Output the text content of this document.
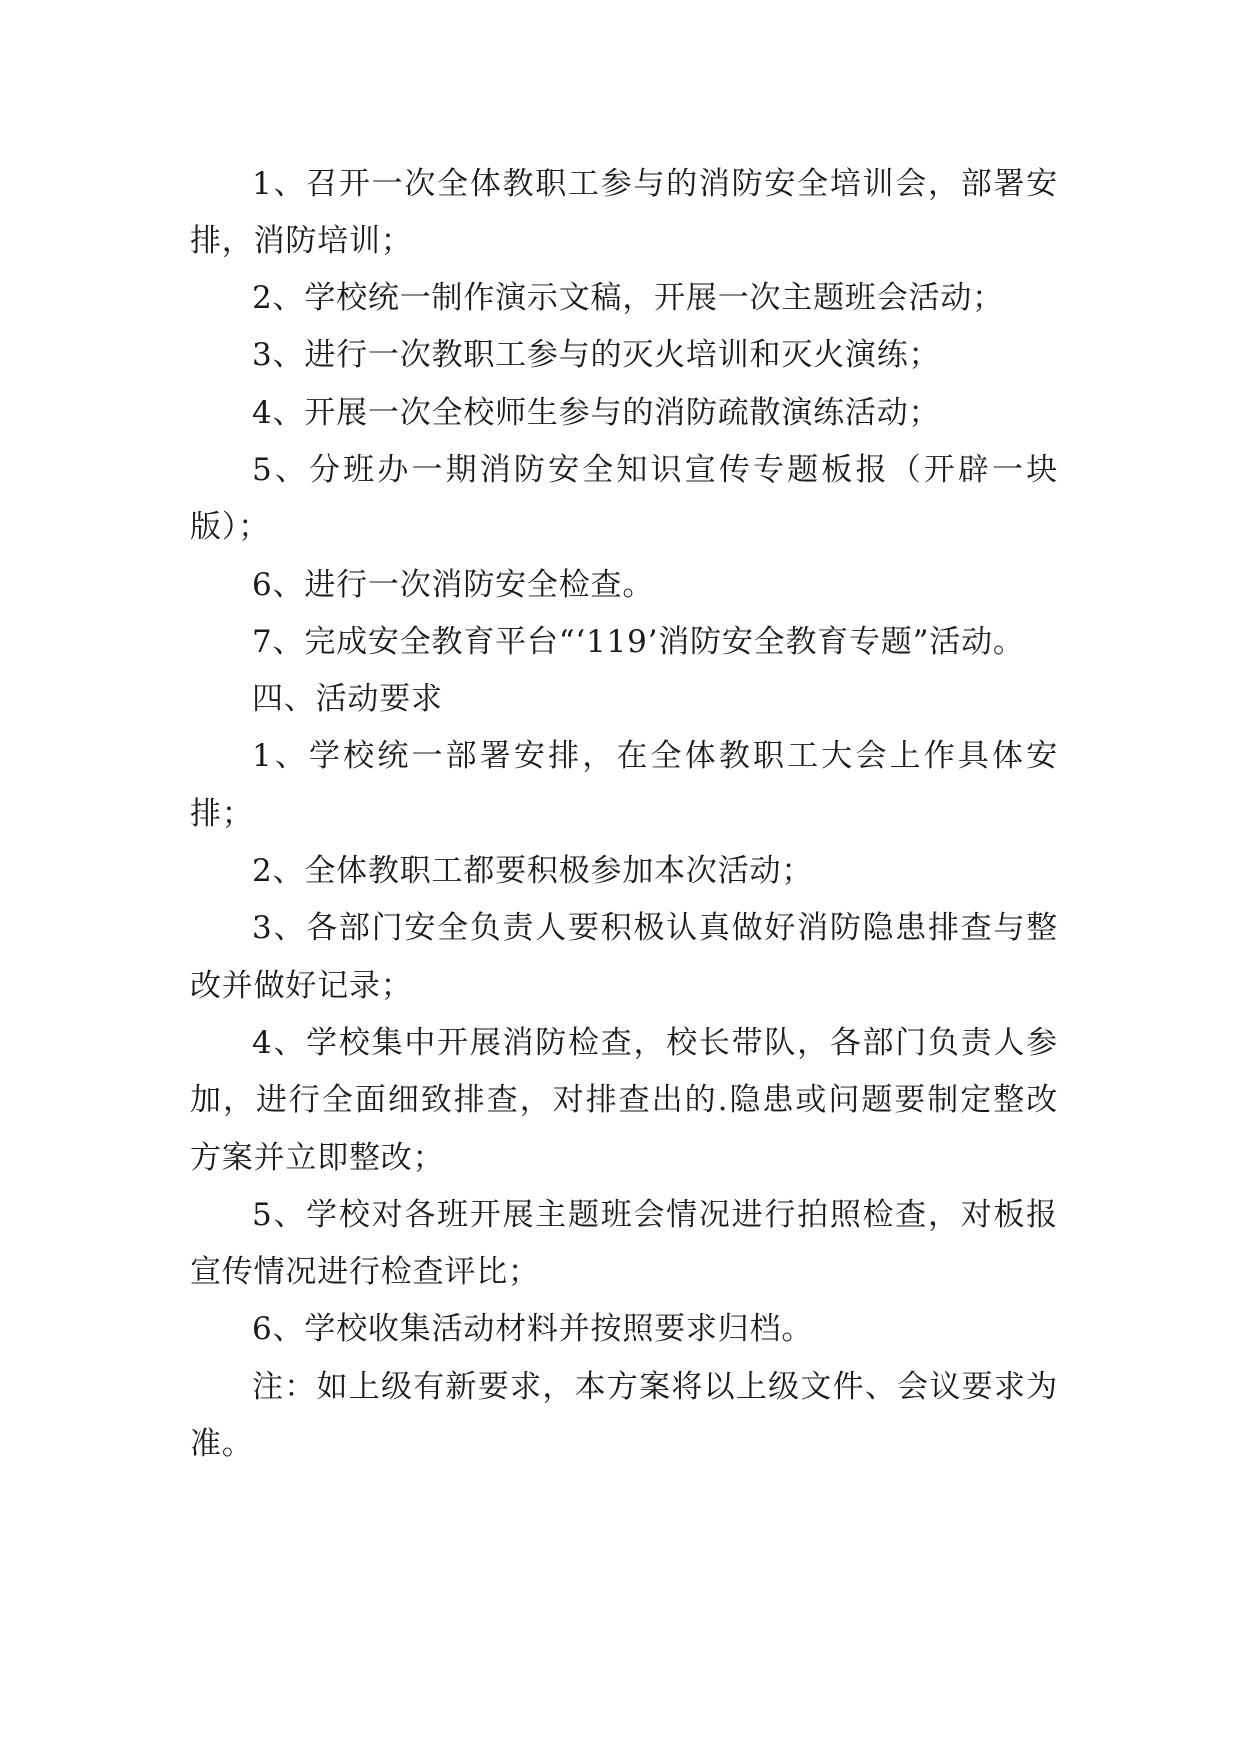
1、召开一次全体教职工参与的消防安全培训会，部署安排，消防培训；

2、学校统一制作演示文稿，开展一次主题班会活动；

3、进行一次教职工参与的灭火培训和灭火演练；

4、开展一次全校师生参与的消防疏散演练活动；

5、分班办一期消防安全知识宣传专题板报（开辟一块版）；

6、进行一次消防安全检查。

7、完成安全教育平台“‘119’消防安全教育专题”活动。

四、活动要求

1、学校统一部署安排，在全体教职工大会上作具体安排；

2、全体教职工都要积极参加本次活动；

3、各部门安全负责人要积极认真做好消防隐患排查与整改并做好记录；

4、学校集中开展消防检查，校长带队，各部门负责人参加，进行全面细致排查，对排查出的.隐患或问题要制定整改方案并立即整改；

5、学校对各班开展主题班会情况进行拍照检查，对板报宣传情况进行检查评比；

6、学校收集活动材料并按照要求归档。

注：如上级有新要求，本方案将以上级文件、会议要求为准。
